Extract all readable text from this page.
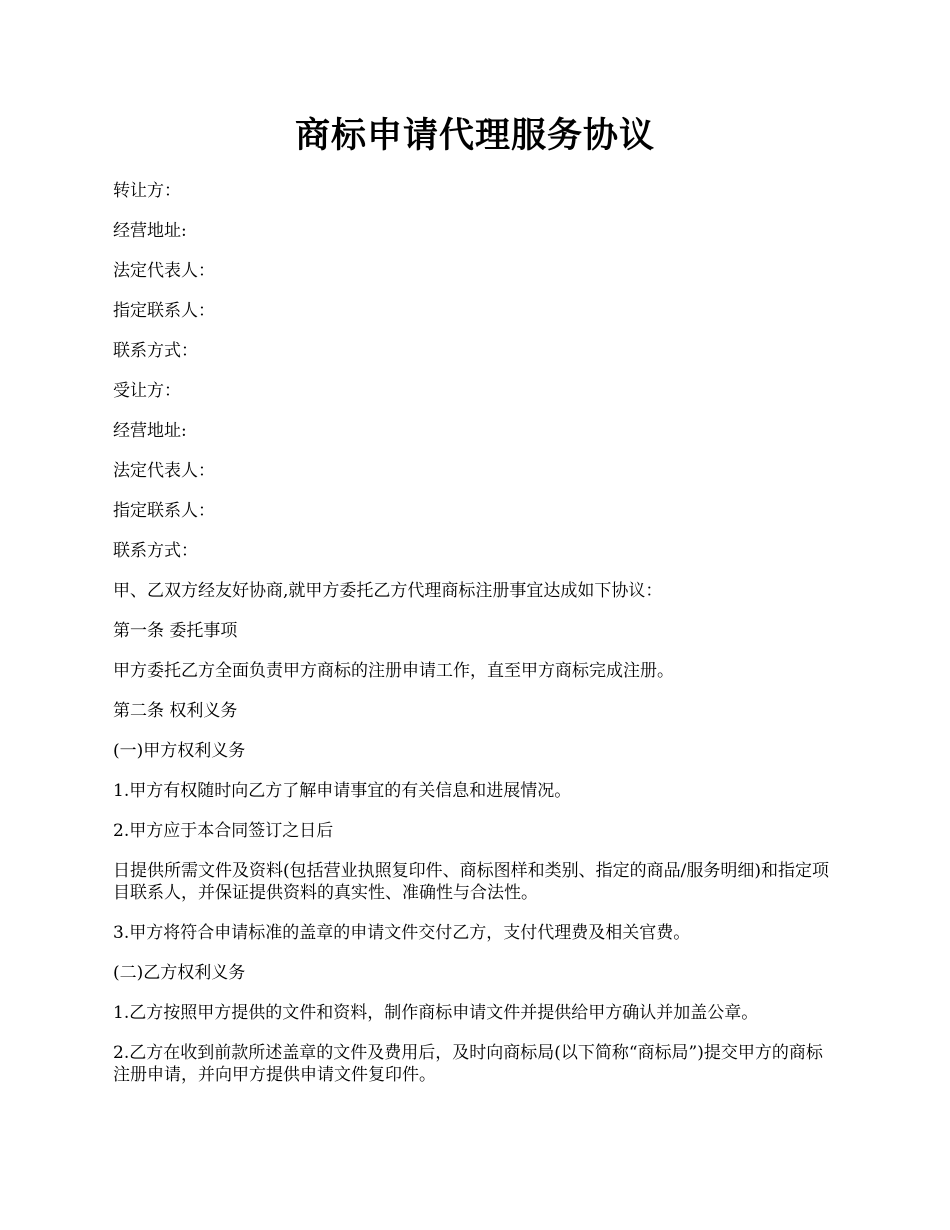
商标申请代理服务协议

转让方：

经营地址:

法定代表人：

指定联系人：

联系方式：

受让方：

经营地址:

法定代表人：

指定联系人：

联系方式：

甲、乙双方经友好协商,就甲方委托乙方代理商标注册事宜达成如下协议：

第一条 委托事项

甲方委托乙方全面负责甲方商标的注册申请工作，直至甲方商标完成注册。

第二条 权利义务

(一)甲方权利义务

1.甲方有权随时向乙方了解申请事宜的有关信息和进展情况。

2.甲方应于本合同签订之日后

日提供所需文件及资料(包括营业执照复印件、商标图样和类别、指定的商品/服务明细)和指定项目联系人，并保证提供资料的真实性、准确性与合法性。

3.甲方将符合申请标准的盖章的申请文件交付乙方，支付代理费及相关官费。

(二)乙方权利义务

1.乙方按照甲方提供的文件和资料，制作商标申请文件并提供给甲方确认并加盖公章。

2.乙方在收到前款所述盖章的文件及费用后，及时向商标局(以下简称“商标局”)提交甲方的商标注册申请，并向甲方提供申请文件复印件。
